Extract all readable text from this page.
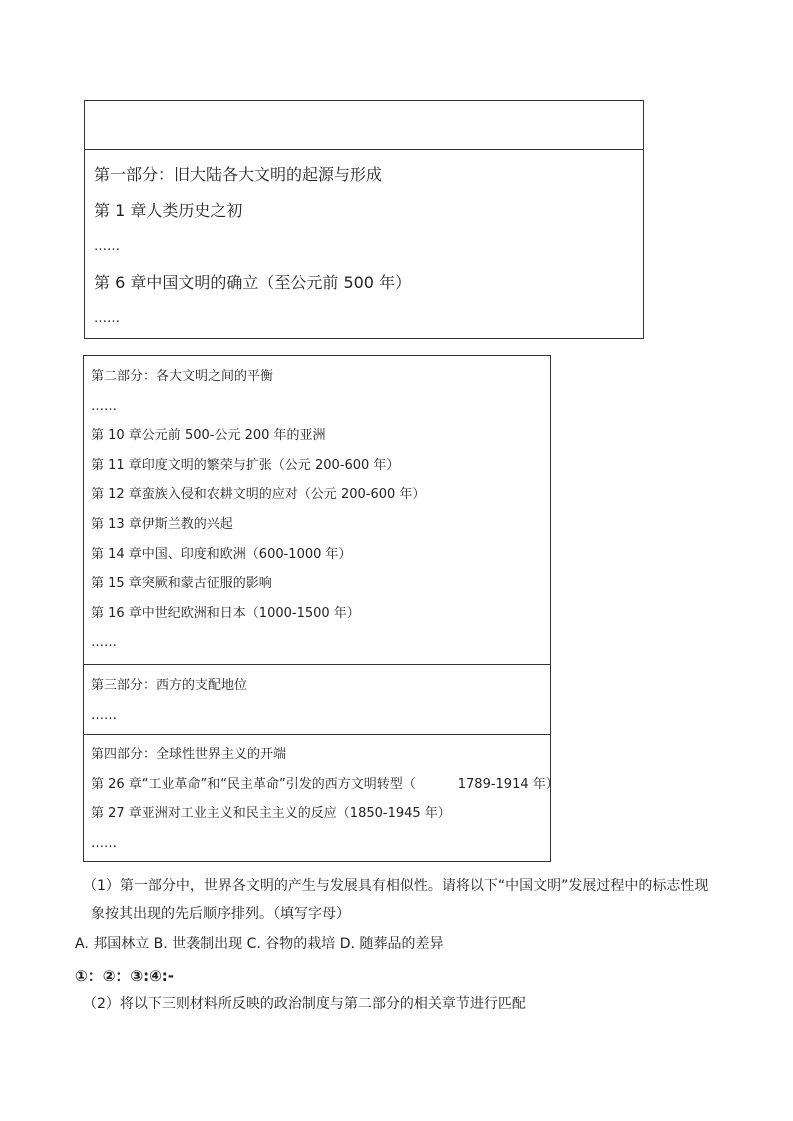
第一部分：旧大陆各大文明的起源与形成
第 1 章人类历史之初
……
第 6 章中国文明的确立（至公元前 500 年）
……
第二部分：各大文明之间的平衡
……
第 10 章公元前 500-公元 200 年的亚洲
第 11 章印度文明的繁荣与扩张（公元 200-600 年）
第 12 章蛮族入侵和农耕文明的应对（公元 200-600 年）
第 13 章伊斯兰教的兴起
第 14 章中国、印度和欧洲（600-1000 年）
第 15 章突厥和蒙古征服的影响
第 16 章中世纪欧洲和日本（1000-1500 年）
……
第三部分：西方的支配地位
……
第四部分：全球性世界主义的开端
第 26 章“工业革命”和“民主革命”引发的西方文明转型（	1789-1914 年）
第 27 章亚洲对工业主义和民主主义的反应（1850-1945 年）
……
（1）第一部分中，世界各文明的产生与发展具有相似性。请将以下“中国文明”发展过程中的标志性现
象按其出现的先后顺序排列。（填写字母）
A. 邦国林立 B. 世袭制出现 C. 谷物的栽培 D. 随葬品的差异
①：②：③:④:-
（2）将以下三则材料所反映的政治制度与第二部分的相关章节进行匹配
